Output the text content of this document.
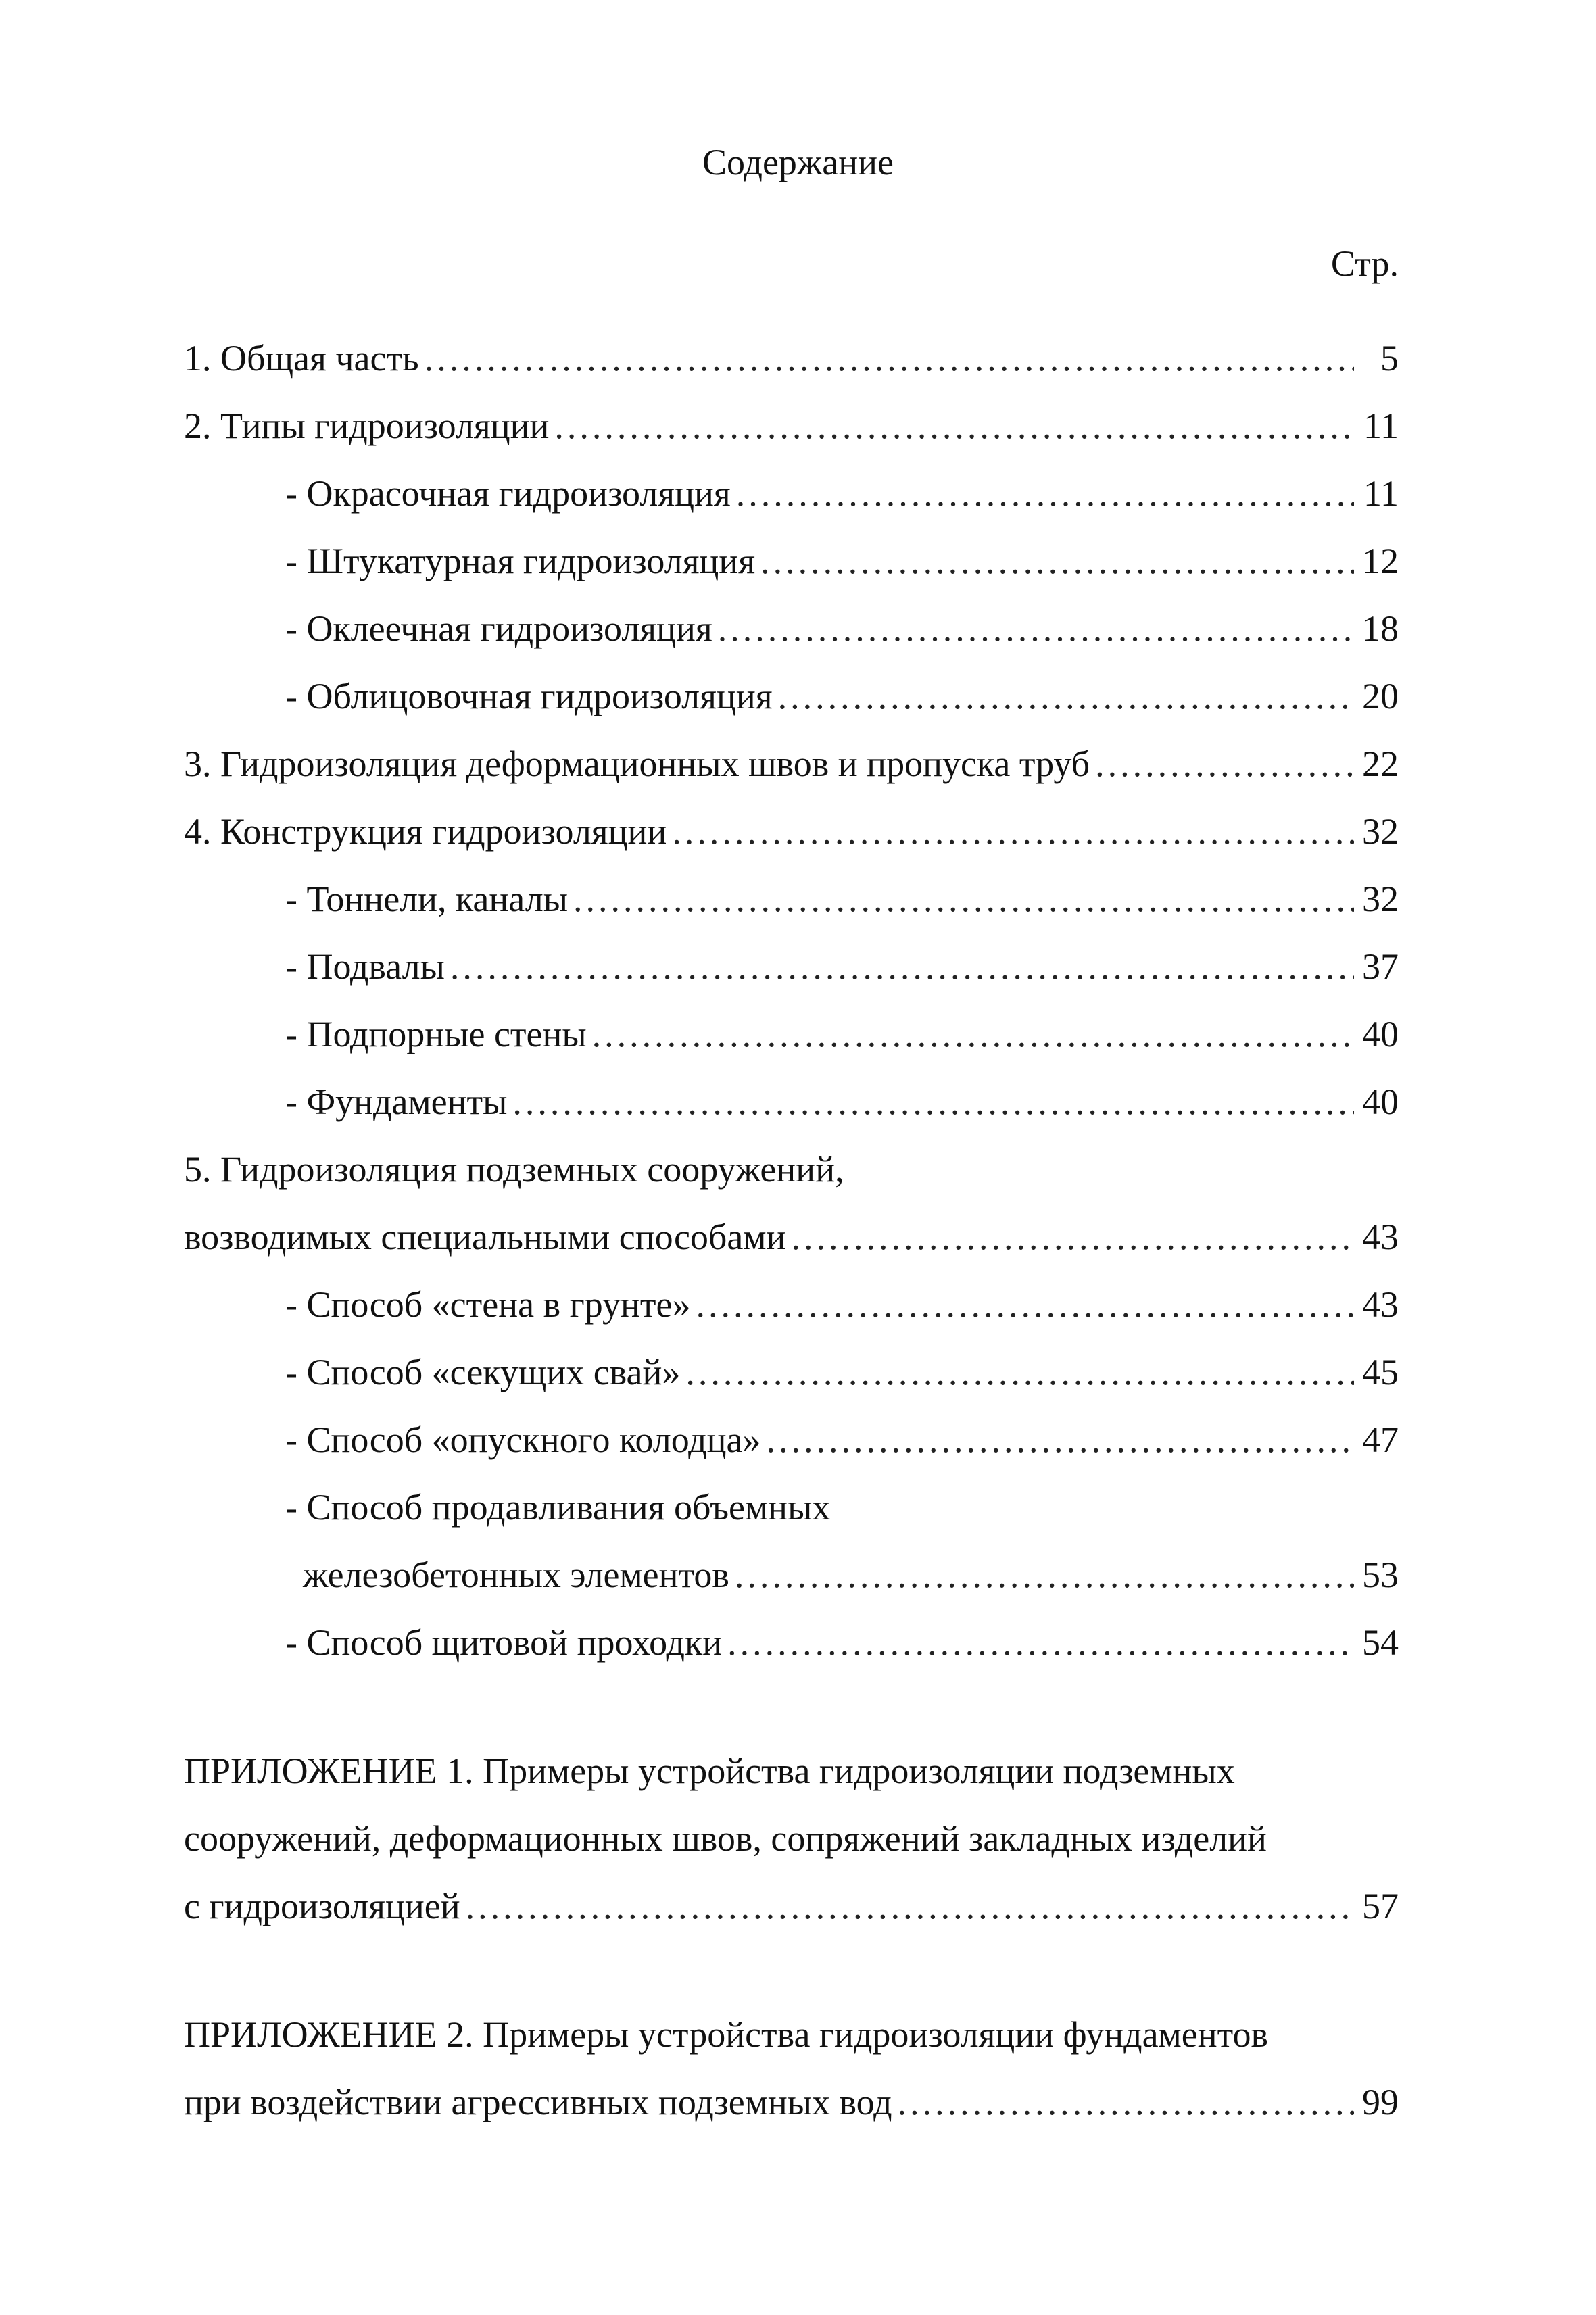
Содержание
Стр.
1. Общая часть .....	5
2. Типы гидроизоляции .....	11
- Окрасочная гидроизоляция .....	11
- Штукатурная гидроизоляция .....	12
- Оклеечная гидроизоляция .....	18
- Облицовочная гидроизоляция .....	20
3. Гидроизоляция деформационных швов и пропуска труб .....	22
4. Конструкция гидроизоляции .....	32
- Тоннели, каналы .....	32
- Подвалы .....	37
- Подпорные стены .....	40
- Фундаменты .....	40
5. Гидроизоляция подземных сооружений,
возводимых специальными способами .....	43
- Способ «стена в грунте» .....	43
- Способ «секущих свай» .....	45
- Способ «опускного колодца» .....	47
- Способ продавливания объемных
железобетонных элементов .....	53
- Способ щитовой проходки .....	54
ПРИЛОЖЕНИЕ 1. Примеры устройства гидроизоляции подземных
сооружений, деформационных швов, сопряжений закладных изделий
с гидроизоляцией .....	57
ПРИЛОЖЕНИЕ 2. Примеры устройства гидроизоляции фундаментов
при воздействии агрессивных подземных вод .....	99
